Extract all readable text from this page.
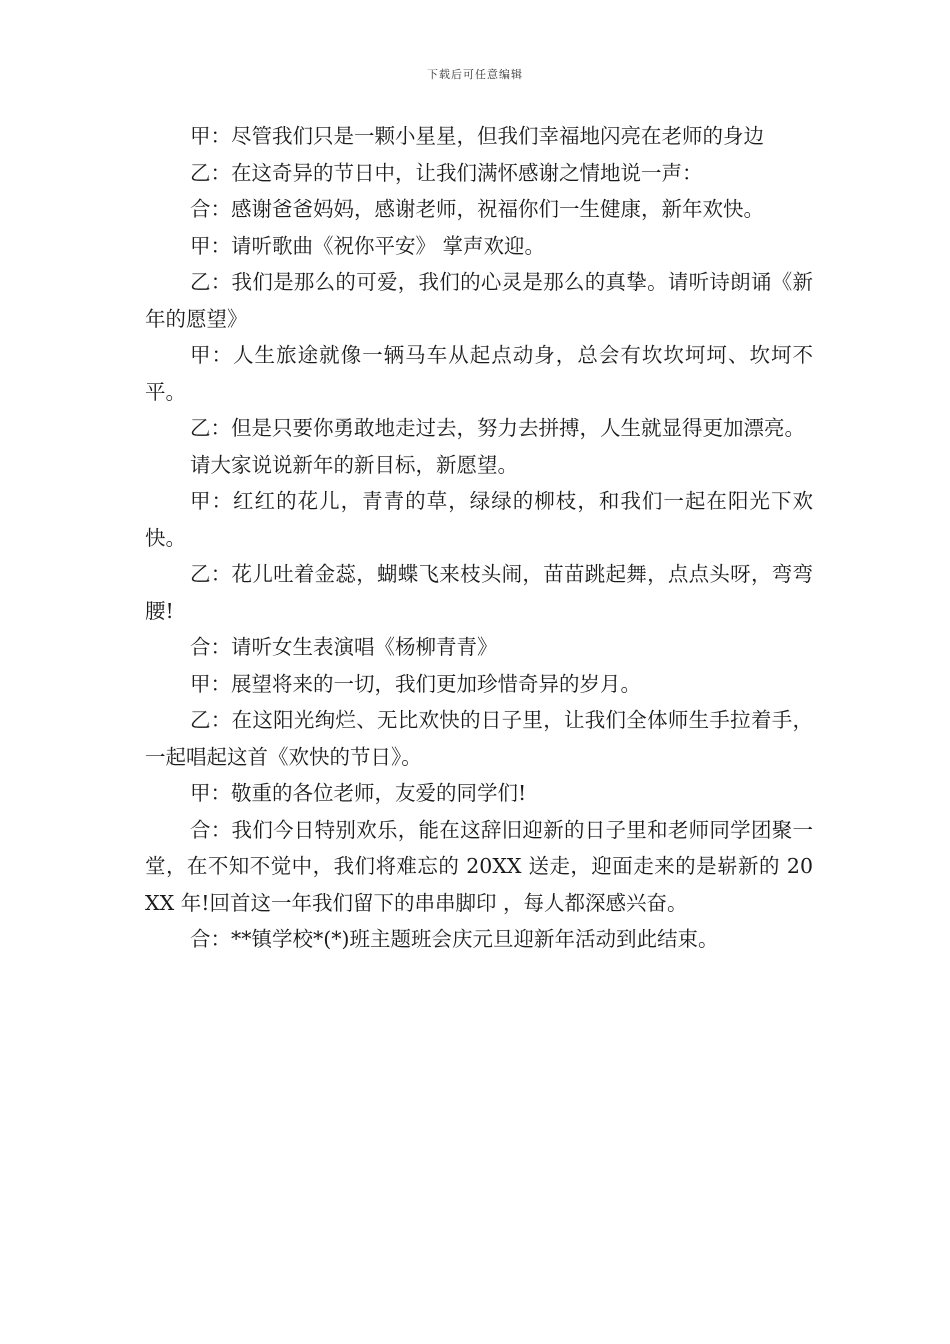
下载后可任意编辑

甲：尽管我们只是一颗小星星，但我们幸福地闪亮在老师的身边

乙：在这奇异的节日中，让我们满怀感谢之情地说一声：

合：感谢爸爸妈妈，感谢老师，祝福你们一生健康，新年欢快。

甲：请听歌曲《祝你平安》 掌声欢迎。

乙：我们是那么的可爱，我们的心灵是那么的真挚。请听诗朗诵《新年的愿望》

甲：人生旅途就像一辆马车从起点动身，总会有坎坎坷坷、坎坷不平。

乙：但是只要你勇敢地走过去，努力去拼搏，人生就显得更加漂亮。

请大家说说新年的新目标，新愿望。

甲：红红的花儿，青青的草，绿绿的柳枝，和我们一起在阳光下欢快。

乙：花儿吐着金蕊，蝴蝶飞来枝头闹，苗苗跳起舞，点点头呀，弯弯腰!

合：请听女生表演唱《杨柳青青》

甲：展望将来的一切，我们更加珍惜奇异的岁月。

乙：在这阳光绚烂、无比欢快的日子里，让我们全体师生手拉着手，一起唱起这首《欢快的节日》。

甲：敬重的各位老师，友爱的同学们!

合：我们今日特别欢乐，能在这辞旧迎新的日子里和老师同学团聚一堂，在不知不觉中，我们将难忘的 20XX 送走，迎面走来的是崭新的 20XX 年!回首这一年我们留下的串串脚印 ，每人都深感兴奋。

合：**镇学校*(*)班主题班会庆元旦迎新年活动到此结束。
